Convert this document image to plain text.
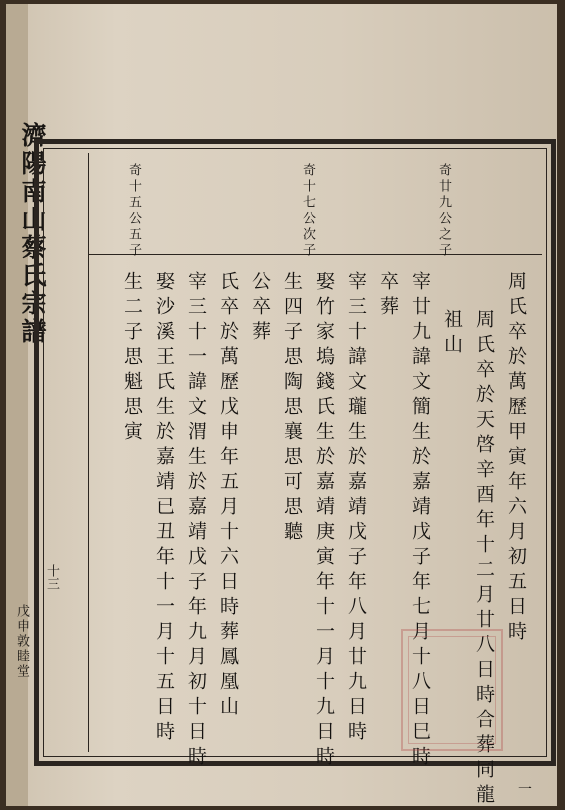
濟陽南山蔡氏宗譜
十三
戊申敦睦堂
奇廿九公之子
奇十七公次子
奇十五公五子
周氏卒於萬歷甲寅年六月初五日時
周氏卒於天啓辛酉年十二月廿八日時合葬同龍
祖山
宰廿九諱文簡生於嘉靖戊子年七月十八日巳時
卒葬
宰三十諱文瓏生於嘉靖戊子年八月廿九日時
娶竹家塢錢氏生於嘉靖庚寅年十一月十九日時
生四子思陶思襄思可思聽
公卒葬
氏卒於萬歷戊申年五月十六日時葬鳳凰山
宰三十一諱文渭生於嘉靖戊子年九月初十日時
娶沙溪王氏生於嘉靖已丑年十一月十五日時
生二子思魁思寅
一
